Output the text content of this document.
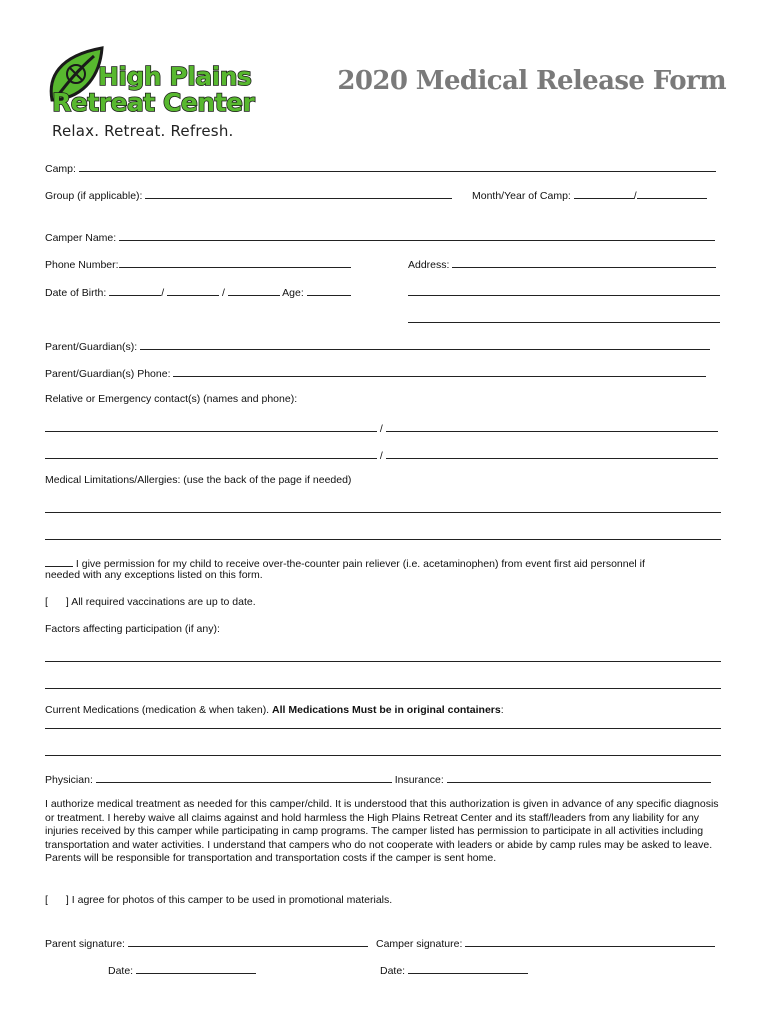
High Plains
Retreat Center
Relax. Retreat. Refresh.
2020 Medical Release Form
Camp:
Group (if applicable):	Month/Year of Camp:	/
Camper Name:
Phone Number:	Address:
Date of Birth:	/	/	Age:
Parent/Guardian(s):
Parent/Guardian(s) Phone:
Relative or Emergency contact(s) (names and phone):
/
/
Medical Limitations/Allergies: (use the back of the page if needed)
I give permission for my child to receive over-the-counter pain reliever (i.e. acetaminophen) from event first aid personnel if
needed with any exceptions listed on this form.
[ ] All required vaccinations are up to date.
Factors affecting participation (if any):
Current Medications (medication & when taken). All Medications Must be in original containers:
Physician:	Insurance:
I authorize medical treatment as needed for this camper/child. It is understood that this authorization is given in advance of any specific diagnosis or treatment. I hereby waive all claims against and hold harmless the High Plains Retreat Center and its staff/leaders from any liability for any injuries received by this camper while participating in camp programs. The camper listed has permission to participate in all activities including transportation and water activities. I understand that campers who do not cooperate with leaders or abide by camp rules may be asked to leave. Parents will be responsible for transportation and transportation costs if the camper is sent home.
[ ] I agree for photos of this camper to be used in promotional materials.
Parent signature:	Camper signature:
Date:	Date:
